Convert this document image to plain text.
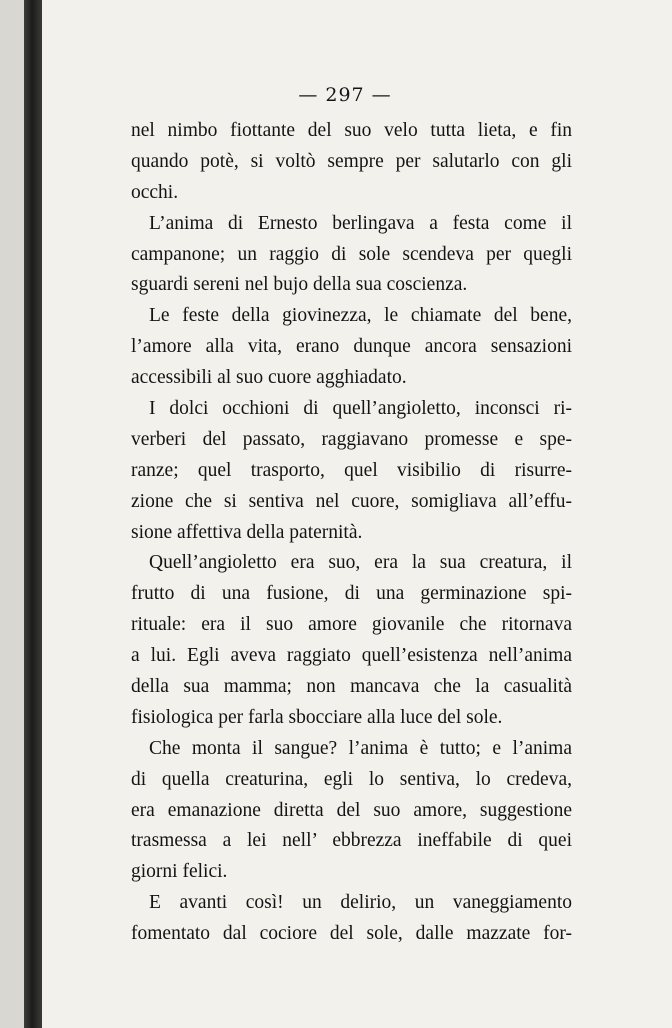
— 297 —
nel nimbo fiottante del suo velo tutta lieta, e fin
quando potè, si voltò sempre per salutarlo con gli
occhi.
L’anima di Ernesto berlingava a festa come il
campanone; un raggio di sole scendeva per quegli
sguardi sereni nel bujo della sua coscienza.
Le feste della giovinezza, le chiamate del bene,
l’amore alla vita, erano dunque ancora sensazioni
accessibili al suo cuore agghiadato.
I dolci occhioni di quell’angioletto, inconsci ri-
verberi del passato, raggiavano promesse e spe-
ranze; quel trasporto, quel visibilio di risurre-
zione che si sentiva nel cuore, somigliava all’effu-
sione affettiva della paternità.
Quell’angioletto era suo, era la sua creatura, il
frutto di una fusione, di una germinazione spi-
rituale: era il suo amore giovanile che ritornava
a lui. Egli aveva raggiato quell’esistenza nell’anima
della sua mamma; non mancava che la casualità
fisiologica per farla sbocciare alla luce del sole.
Che monta il sangue? l’anima è tutto; e l’anima
di quella creaturina, egli lo sentiva, lo credeva,
era emanazione diretta del suo amore, suggestione
trasmessa a lei nell’ ebbrezza ineffabile di quei
giorni felici.
E avanti così! un delirio, un vaneggiamento
fomentato dal cociore del sole, dalle mazzate for-
